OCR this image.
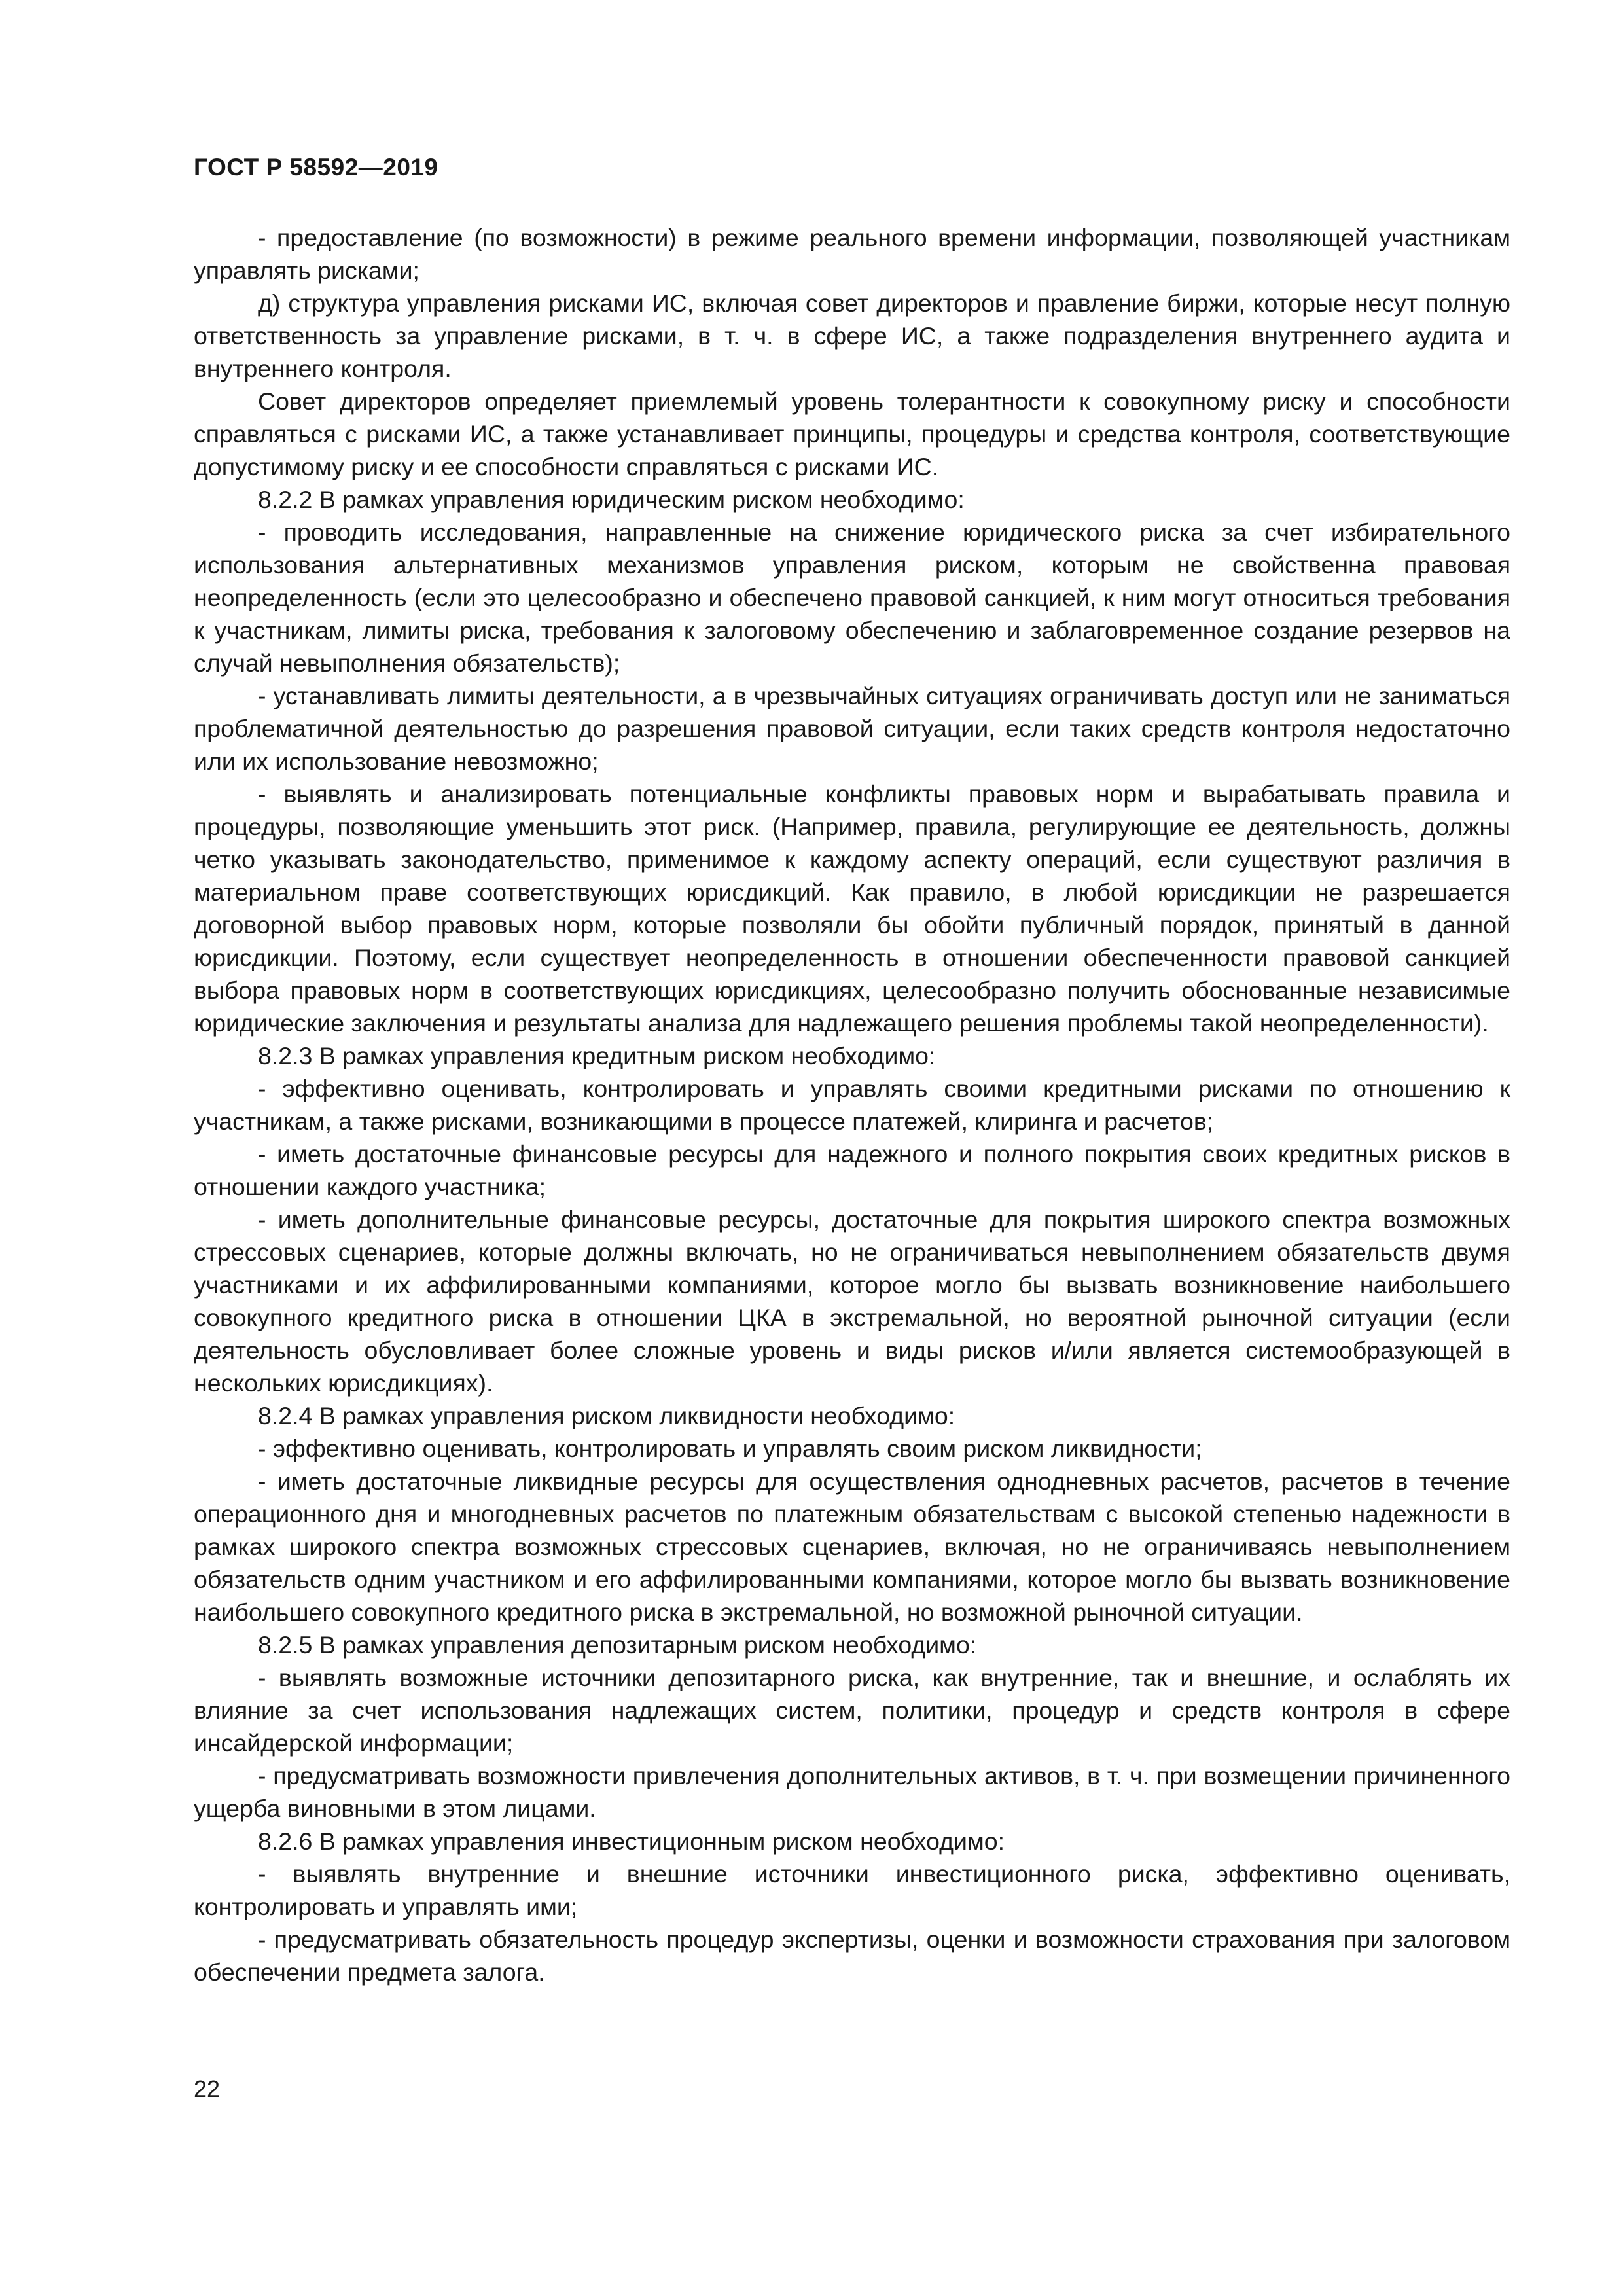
ГОСТ Р 58592—2019

- предоставление (по возможности) в режиме реального времени информации, позволяющей участникам управлять рисками;

д) структура управления рисками ИС, включая совет директоров и правление биржи, которые несут полную ответственность за управление рисками, в т. ч. в сфере ИС, а также подразделения внутреннего аудита и внутреннего контроля.

Совет директоров определяет приемлемый уровень толерантности к совокупному риску и способности справляться с рисками ИС, а также устанавливает принципы, процедуры и средства контроля, соответствующие допустимому риску и ее способности справляться с рисками ИС.

8.2.2 В рамках управления юридическим риском необходимо:

- проводить исследования, направленные на снижение юридического риска за счет избирательного использования альтернативных механизмов управления риском, которым не свойственна правовая неопределенность (если это целесообразно и обеспечено правовой санкцией, к ним могут относиться требования к участникам, лимиты риска, требования к залоговому обеспечению и заблаговременное создание резервов на случай невыполнения обязательств);

- устанавливать лимиты деятельности, а в чрезвычайных ситуациях ограничивать доступ или не заниматься проблематичной деятельностью до разрешения правовой ситуации, если таких средств контроля недостаточно или их использование невозможно;

- выявлять и анализировать потенциальные конфликты правовых норм и вырабатывать правила и процедуры, позволяющие уменьшить этот риск. (Например, правила, регулирующие ее деятельность, должны четко указывать законодательство, применимое к каждому аспекту операций, если существуют различия в материальном праве соответствующих юрисдикций. Как правило, в любой юрисдикции не разрешается договорной выбор правовых норм, которые позволяли бы обойти публичный порядок, принятый в данной юрисдикции. Поэтому, если существует неопределенность в отношении обеспеченности правовой санкцией выбора правовых норм в соответствующих юрисдикциях, целесообразно получить обоснованные независимые юридические заключения и результаты анализа для надлежащего решения проблемы такой неопределенности).

8.2.3 В рамках управления кредитным риском необходимо:

- эффективно оценивать, контролировать и управлять своими кредитными рисками по отношению к участникам, а также рисками, возникающими в процессе платежей, клиринга и расчетов;

- иметь достаточные финансовые ресурсы для надежного и полного покрытия своих кредитных рисков в отношении каждого участника;

- иметь дополнительные финансовые ресурсы, достаточные для покрытия широкого спектра возможных стрессовых сценариев, которые должны включать, но не ограничиваться невыполнением обязательств двумя участниками и их аффилированными компаниями, которое могло бы вызвать возникновение наибольшего совокупного кредитного риска в отношении ЦКА в экстремальной, но вероятной рыночной ситуации (если деятельность обусловливает более сложные уровень и виды рисков и/или является системообразующей в нескольких юрисдикциях).

8.2.4 В рамках управления риском ликвидности необходимо:

- эффективно оценивать, контролировать и управлять своим риском ликвидности;

- иметь достаточные ликвидные ресурсы для осуществления однодневных расчетов, расчетов в течение операционного дня и многодневных расчетов по платежным обязательствам с высокой степенью надежности в рамках широкого спектра возможных стрессовых сценариев, включая, но не ограничиваясь невыполнением обязательств одним участником и его аффилированными компаниями, которое могло бы вызвать возникновение наибольшего совокупного кредитного риска в экстремальной, но возможной рыночной ситуации.

8.2.5 В рамках управления депозитарным риском необходимо:

- выявлять возможные источники депозитарного риска, как внутренние, так и внешние, и ослаблять их влияние за счет использования надлежащих систем, политики, процедур и средств контроля в сфере инсайдерской информации;

- предусматривать возможности привлечения дополнительных активов, в т. ч. при возмещении причиненного ущерба виновными в этом лицами.

8.2.6 В рамках управления инвестиционным риском необходимо:

- выявлять внутренние и внешние источники инвестиционного риска, эффективно оценивать, контролировать и управлять ими;

- предусматривать обязательность процедур экспертизы, оценки и возможности страхования при залоговом обеспечении предмета залога.

22
